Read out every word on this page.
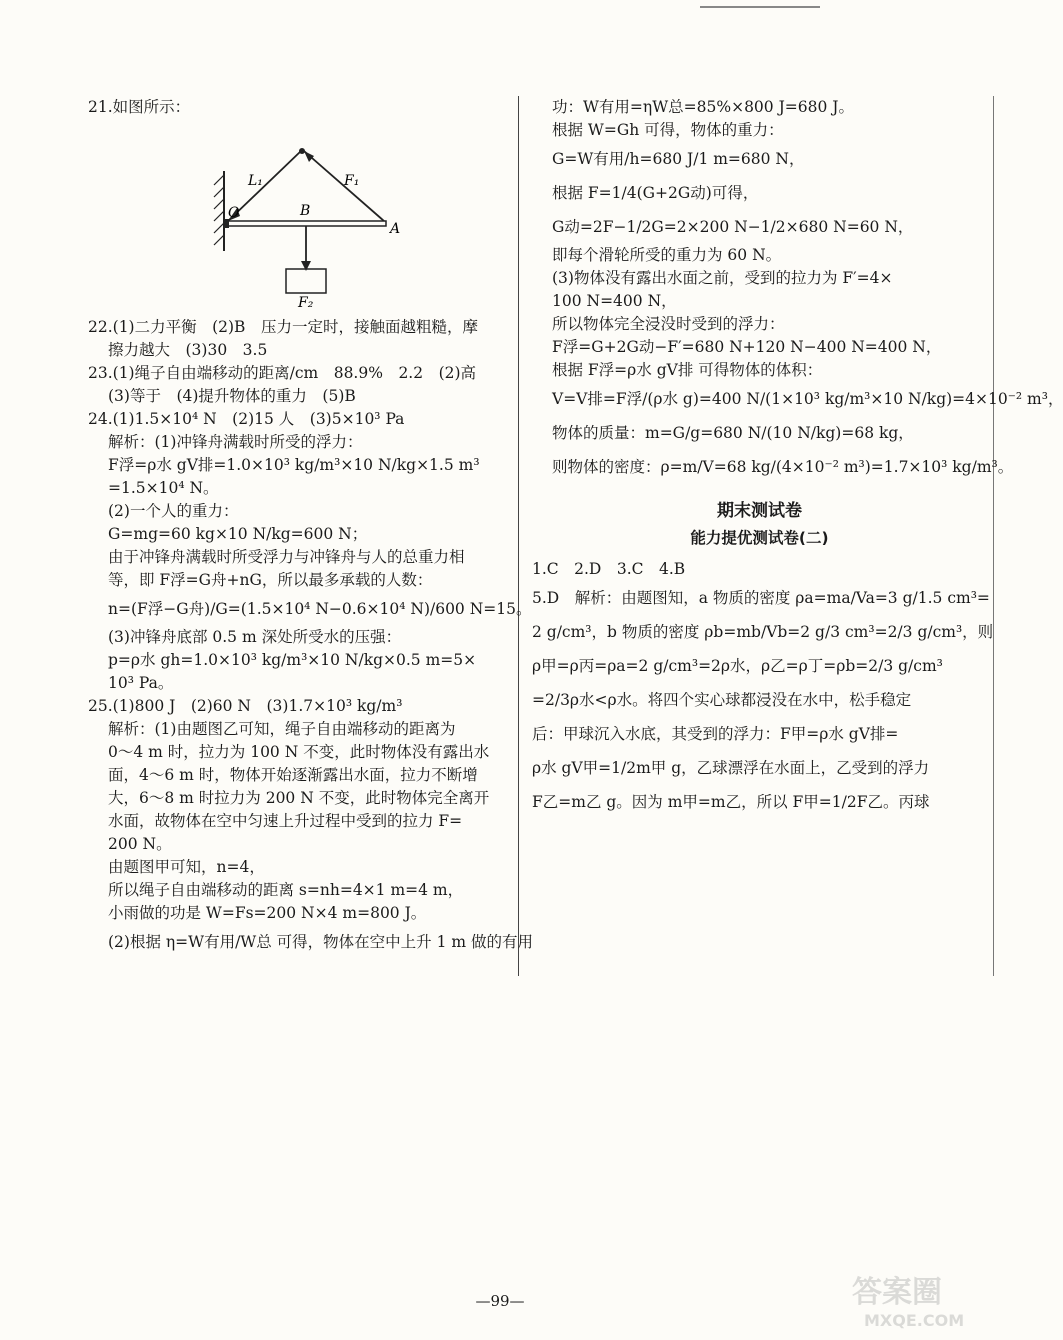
21.如图所示：
L₁	F₁
O	B
A
F₂
22.(1)二力平衡　(2)B　压力一定时，接触面越粗糙，摩
擦力越大　(3)30　3.5
23.(1)绳子自由端移动的距离/cm　88.9%　2.2　(2)高
(3)等于　(4)提升物体的重力　(5)B
24.(1)1.5×10⁴ N　(2)15 人　(3)5×10³ Pa
解析：(1)冲锋舟满载时所受的浮力：
F浮=ρ水 gV排=1.0×10³ kg/m³×10 N/kg×1.5 m³
=1.5×10⁴ N。
(2)一个人的重力：
G=mg=60 kg×10 N/kg=600 N；
由于冲锋舟满载时所受浮力与冲锋舟与人的总重力相
等，即 F浮=G舟+nG，所以最多承载的人数：
n=(F浮−G舟)/G=(1.5×10⁴ N−0.6×10⁴ N)/600 N=15。
(3)冲锋舟底部 0.5 m 深处所受水的压强：
p=ρ水 gh=1.0×10³ kg/m³×10 N/kg×0.5 m=5×
10³ Pa。
25.(1)800 J　(2)60 N　(3)1.7×10³ kg/m³
解析：(1)由题图乙可知，绳子自由端移动的距离为
0～4 m 时，拉力为 100 N 不变，此时物体没有露出水
面，4～6 m 时，物体开始逐渐露出水面，拉力不断增
大，6～8 m 时拉力为 200 N 不变，此时物体完全离开
水面，故物体在空中匀速上升过程中受到的拉力 F=
200 N。
由题图甲可知，n=4，
所以绳子自由端移动的距离 s=nh=4×1 m=4 m，
小雨做的功是 W=Fs=200 N×4 m=800 J。
(2)根据 η=W有用/W总 可得，物体在空中上升 1 m 做的有用
功：W有用=ηW总=85%×800 J=680 J。
根据 W=Gh 可得，物体的重力：
G=W有用/h=680 J/1 m=680 N，
根据 F=1/4(G+2G动)可得，
G动=2F−1/2G=2×200 N−1/2×680 N=60 N，
即每个滑轮所受的重力为 60 N。
(3)物体没有露出水面之前，受到的拉力为 F′=4×
100 N=400 N，
所以物体完全浸没时受到的浮力：
F浮=G+2G动−F′=680 N+120 N−400 N=400 N，
根据 F浮=ρ水 gV排 可得物体的体积：
V=V排=F浮/(ρ水 g)=400 N/(1×10³ kg/m³×10 N/kg)=4×10⁻² m³，
物体的质量：m=G/g=680 N/(10 N/kg)=68 kg，
则物体的密度：ρ=m/V=68 kg/(4×10⁻² m³)=1.7×10³ kg/m³。
期末测试卷
能力提优测试卷(二)
1.C　2.D　3.C　4.B
5.D　解析：由题图知，a 物质的密度 ρa=ma/Va=3 g/1.5 cm³=
2 g/cm³，b 物质的密度 ρb=mb/Vb=2 g/3 cm³=2/3 g/cm³，则
ρ甲=ρ丙=ρa=2 g/cm³=2ρ水，ρ乙=ρ丁=ρb=2/3 g/cm³
=2/3ρ水<ρ水。将四个实心球都浸没在水中，松手稳定
后：甲球沉入水底，其受到的浮力：F甲=ρ水 gV排=
ρ水 gV甲=1/2m甲 g，乙球漂浮在水面上，乙受到的浮力
F乙=m乙 g。因为 m甲=m乙，所以 F甲=1/2F乙。丙球
—99—	答案圈
MXQE.COM
